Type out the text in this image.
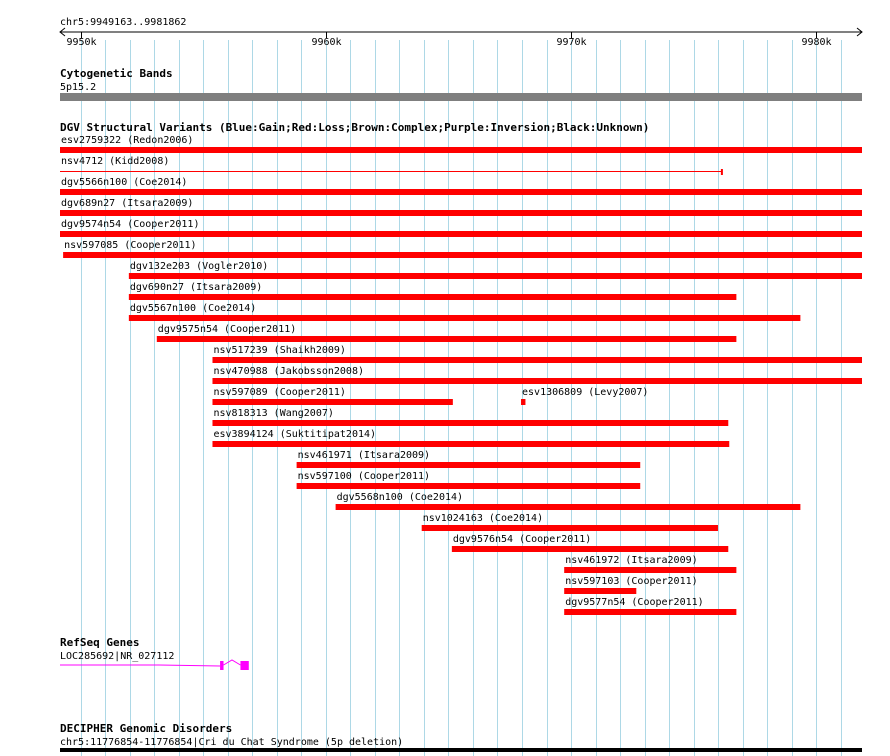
chr5:9949163..9981862
9950k	9960k	9970k	9980k
Cytogenetic Bands
5p15.2
DGV Structural Variants (Blue:Gain;Red:Loss;Brown:Complex;Purple:Inversion;Black:Unknown)
esv2759322 (Redon2006)
nsv4712 (Kidd2008)
dgv5566n100 (Coe2014)
dgv689n27 (Itsara2009)
dgv9574n54 (Cooper2011)
nsv597085 (Cooper2011)
dgv132e203 (Vogler2010)
dgv690n27 (Itsara2009)
dgv5567n100 (Coe2014)
dgv9575n54 (Cooper2011)
nsv517239 (Shaikh2009)
nsv470988 (Jakobsson2008)
nsv597089 (Cooper2011)	esv1306809 (Levy2007)
nsv818313 (Wang2007)
esv3894124 (Suktitipat2014)
nsv461971 (Itsara2009)
nsv597100 (Cooper2011)
dgv5568n100 (Coe2014)
nsv1024163 (Coe2014)
dgv9576n54 (Cooper2011)
nsv461972 (Itsara2009)
nsv597103 (Cooper2011)
dgv9577n54 (Cooper2011)
RefSeq Genes
LOC285692|NR_027112
DECIPHER Genomic Disorders
chr5:11776854-11776854|Cri du Chat Syndrome (5p deletion)
